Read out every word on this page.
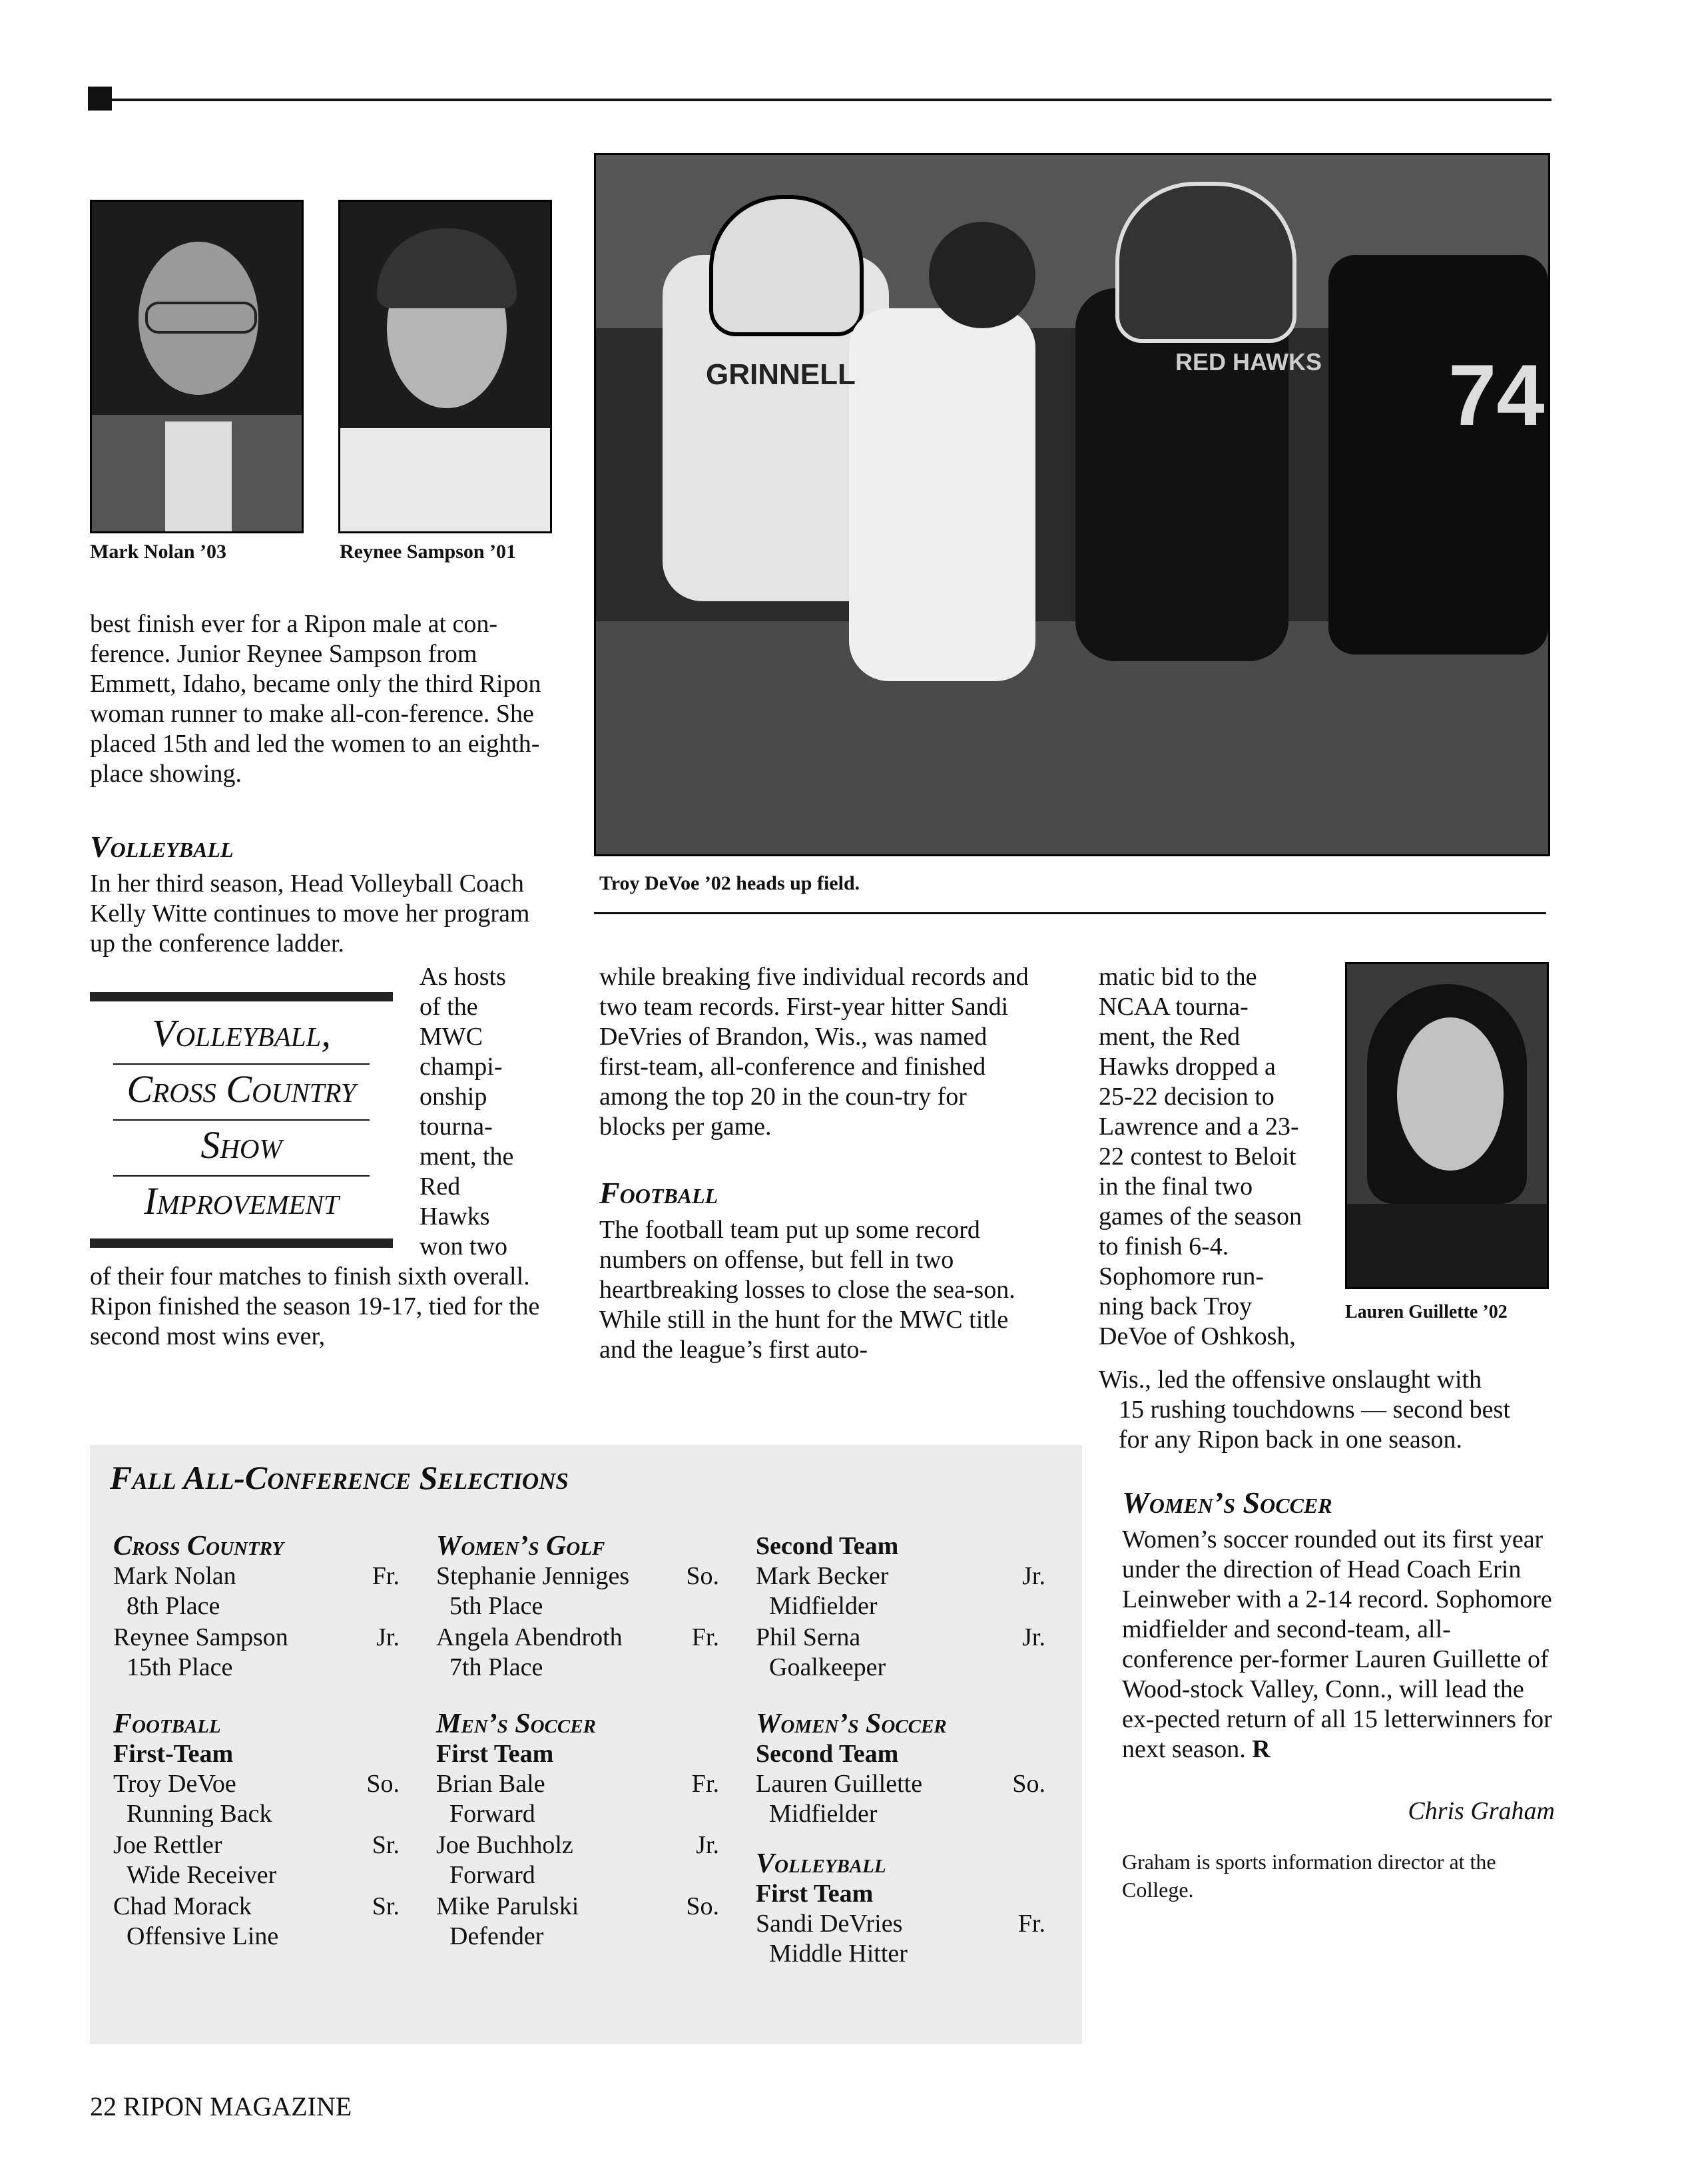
Mark Nolan ’03	Reynee Sampson ’01
GRINNELL	RED HAWKS 74
Troy DeVoe ’02 heads up field.
best finish ever for a Ripon male at con-ference. Junior Reynee Sampson from Emmett, Idaho, became only the third Ripon woman runner to make all-con-ference. She placed 15th and led the women to an eighth-place showing.
Volleyball
In her third season, Head Volleyball Coach Kelly Witte continues to move her program up the conference ladder.
Volleyball,
Cross Country
Show
Improvement
As hosts
of the
MWC
champi-
onship
tourna-
ment, the
Red
Hawks
won two
of their four matches to finish sixth overall. Ripon finished the season 19-17, tied for the second most wins ever,
while breaking five individual records and two team records. First-year hitter Sandi DeVries of Brandon, Wis., was named first-team, all-conference and finished among the top 20 in the coun-try for blocks per game.
Football
The football team put up some record numbers on offense, but fell in two heartbreaking losses to close the sea-son. While still in the hunt for the MWC title and the league’s first auto-
matic bid to the
NCAA tourna-
ment, the Red
Hawks dropped a
25-22 decision to
Lawrence and a 23-
22 contest to Beloit
in the final two
games of the season
to finish 6-4.
Sophomore run-
ning back Troy
DeVoe of Oshkosh,
Lauren Guillette ’02
Wis., led the offensive onslaught with
15 rushing touchdowns — second best
for any Ripon back in one season.
Women’s Soccer
Women’s soccer rounded out its first year under the direction of Head Coach Erin Leinweber with a 2-14 record. Sophomore midfielder and second-team, all-conference per-former Lauren Guillette of Wood-stock Valley, Conn., will lead the ex-pected return of all 15 letterwinners for next season. R
Chris Graham
Graham is sports information director at the College.
Fall All-Conference Selections
Cross Country
Mark Nolan	Fr.
8th Place
Reynee Sampson	Jr.
15th Place
Football
First-Team
Troy DeVoe	So.
Running Back
Joe Rettler	Sr.
Wide Receiver
Chad Morack	Sr.
Offensive Line
Women’s Golf
Stephanie Jenniges	So.
5th Place
Angela Abendroth	Fr.
7th Place
Men’s Soccer
First Team
Brian Bale	Fr.
Forward
Joe Buchholz	Jr.
Forward
Mike Parulski	So.
Defender
Second Team
Mark Becker	Jr.
Midfielder
Phil Serna	Jr.
Goalkeeper
Women’s Soccer
Second Team
Lauren Guillette	So.
Midfielder
Volleyball
First Team
Sandi DeVries	Fr.
Middle Hitter
22 RIPON MAGAZINE
